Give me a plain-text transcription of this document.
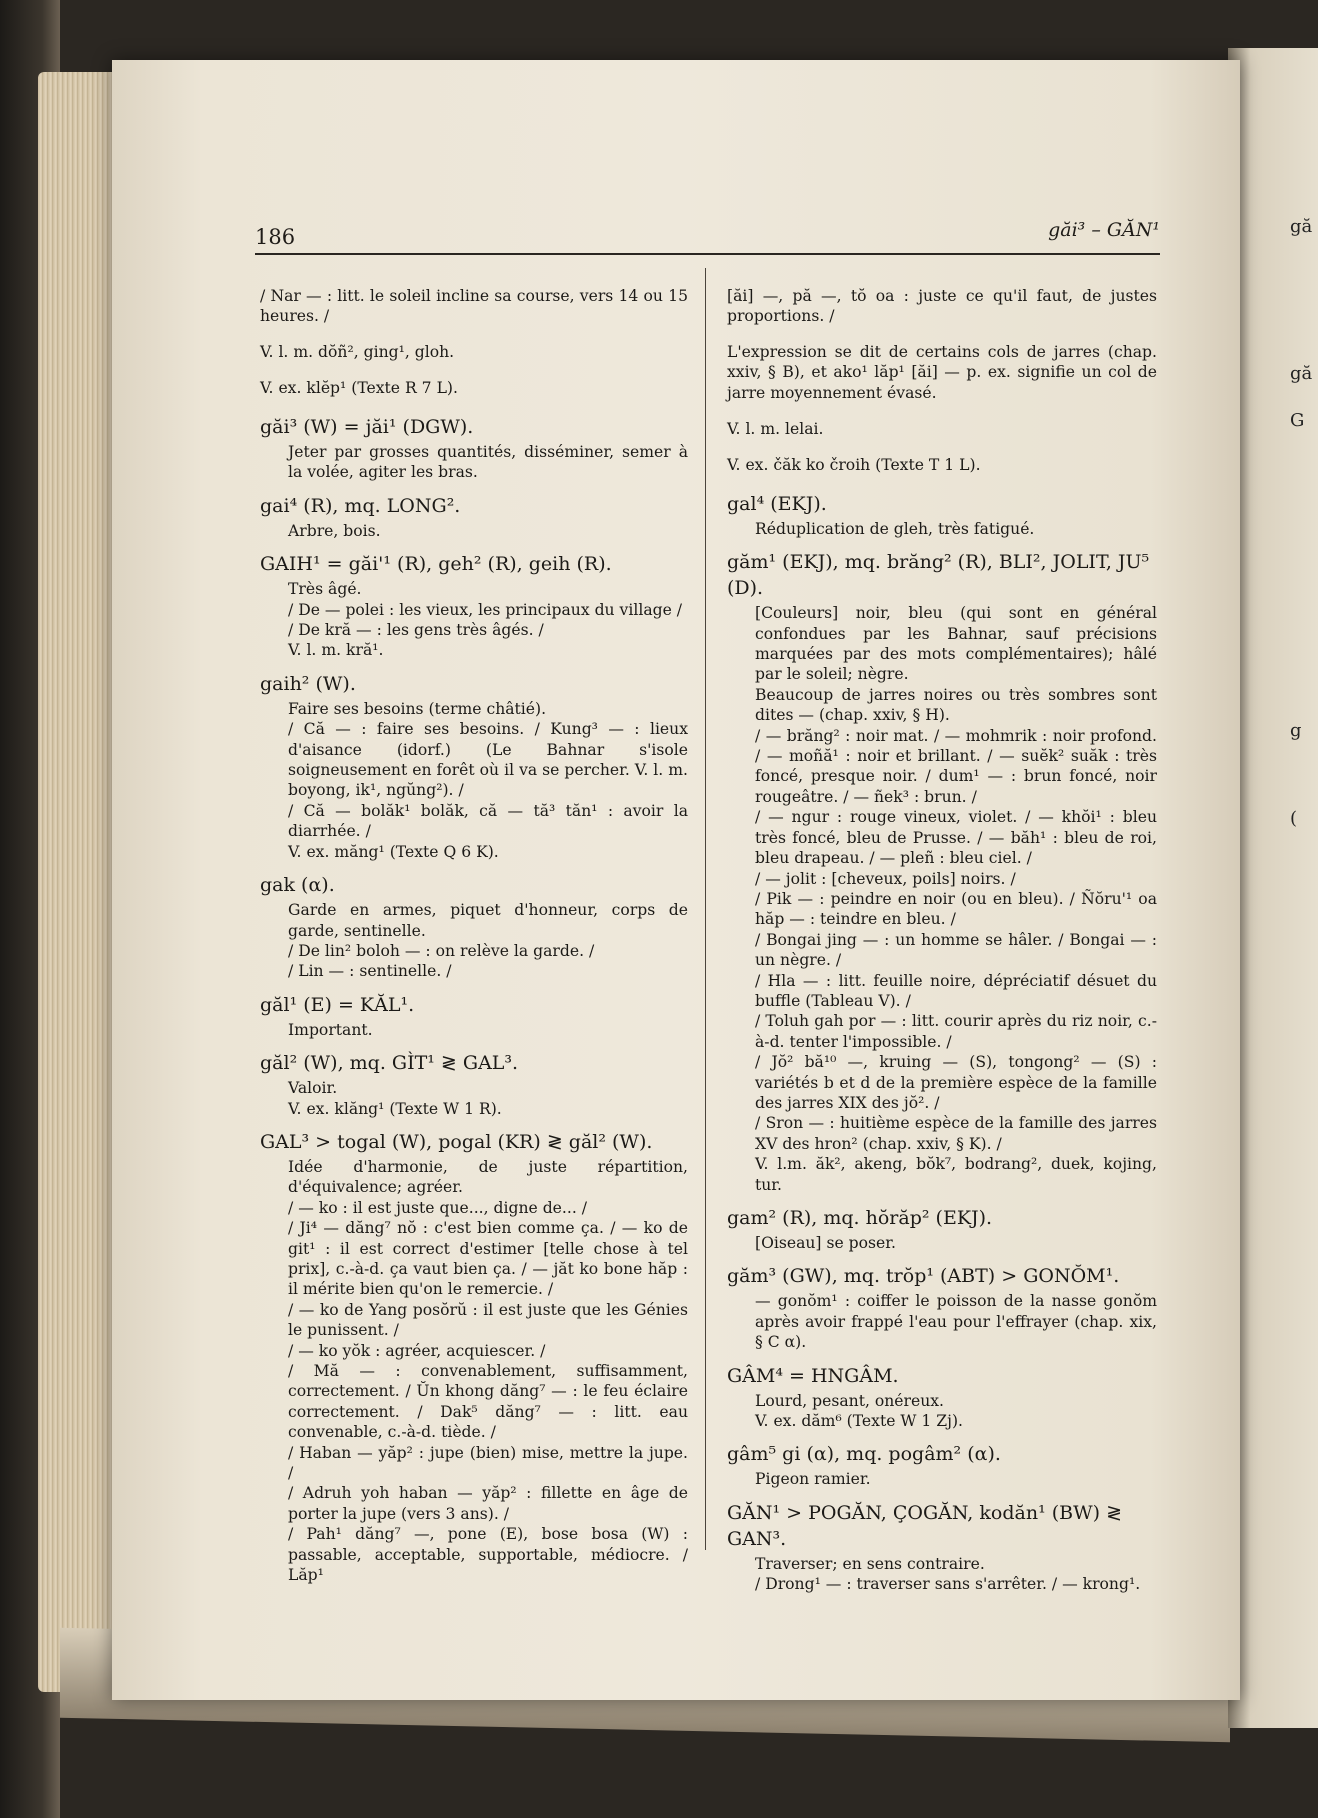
gă
gă
G
g
(
186	găi³ – GĂN¹

/ Nar — : litt. le soleil incline sa course, vers 14 ou 15 heures. /

V. l. m. dŏñ², ging¹, gloh.

V. ex. klĕp¹ (Texte R 7 L).

găi³ (W) = jăi¹ (DGW).

Jeter par grosses quantités, disséminer, semer à la volée, agiter les bras.

gai⁴ (R), mq. LONG².

Arbre, bois.

GAIH¹ = găi'¹ (R), geh² (R), geih (R).

Très âgé.

/ De — polei : les vieux, les principaux du village /

/ De kră — : les gens très âgés. /

V. l. m. kră¹.

gaih² (W).

Faire ses besoins (terme châtié).

/ Că — : faire ses besoins. / Kung³ — : lieux d'aisance (idorf.) (Le Bahnar s'isole soigneusement en forêt où il va se percher. V. l. m. boyong, ik¹, ngŭng²). /

/ Că — bolăk¹ bolăk, că — tă³ tăn¹ : avoir la diarrhée. /

V. ex. măng¹ (Texte Q 6 K).

gak (α).

Garde en armes, piquet d'honneur, corps de garde, sentinelle.

/ De lin² boloh — : on relève la garde. /

/ Lin — : sentinelle. /

găl¹ (E) = KĂL¹.

Important.

găl² (W), mq. GÌT¹ ≷ GAL³.

Valoir.

V. ex. klăng¹ (Texte W 1 R).

GAL³ > togal (W), pogal (KR) ≷ găl² (W).

Idée d'harmonie, de juste répartition, d'équivalence; agréer.

/ — ko : il est juste que..., digne de... /

/ Ji⁴ — dăng⁷ nŏ : c'est bien comme ça. / — ko de git¹ : il est correct d'estimer [telle chose à tel prix], c.-à-d. ça vaut bien ça. / — jăt ko bone hăp : il mérite bien qu'on le remercie. /

/ — ko de Yang posŏrŭ : il est juste que les Génies le punissent. /

/ — ko yŏk : agréer, acquiescer. /

/ Mă — : convenablement, suffisamment, correctement. / Ŭn khong dăng⁷ — : le feu éclaire correctement. / Dak⁵ dăng⁷ — : litt. eau convenable, c.-à-d. tiède. /

/ Haban — yăp² : jupe (bien) mise, mettre la jupe. /

/ Adruh yoh haban — yăp² : fillette en âge de porter la jupe (vers 3 ans). /

/ Pah¹ dăng⁷ —, pone (E), bose bosa (W) : passable, acceptable, supportable, médiocre. / Lăp¹

[ăi] —, pă —, tŏ oa : juste ce qu'il faut, de justes proportions. /

L'expression se dit de certains cols de jarres (chap. xxiv, § B), et ako¹ lăp¹ [ăi] — p. ex. signifie un col de jarre moyennement évasé.

V. l. m. lelai.

V. ex. čăk ko čroih (Texte T 1 L).

gal⁴ (EKJ).

Réduplication de gleh, très fatigué.

găm¹ (EKJ), mq. brăng² (R), BLI², JOLIT, JU⁵ (D).

[Couleurs] noir, bleu (qui sont en général confondues par les Bahnar, sauf précisions marquées par des mots complémentaires); hâlé par le soleil; nègre.

Beaucoup de jarres noires ou très sombres sont dites — (chap. xxiv, § H).

/ — brăng² : noir mat. / — mohmrik : noir profond. / — moñă¹ : noir et brillant. / — suĕk² suăk : très foncé, presque noir. / dum¹ — : brun foncé, noir rougeâtre. / — ñek³ : brun. /

/ — ngur : rouge vineux, violet. / — khŏi¹ : bleu très foncé, bleu de Prusse. / — băh¹ : bleu de roi, bleu drapeau. / — pleñ : bleu ciel. /

/ — jolit : [cheveux, poils] noirs. /

/ Pik — : peindre en noir (ou en bleu). / Ñŏru'¹ oa hăp — : teindre en bleu. /

/ Bongai jing — : un homme se hâler. / Bongai — : un nègre. /

/ Hla — : litt. feuille noire, dépréciatif désuet du buffle (Tableau V). /

/ Toluh gah por — : litt. courir après du riz noir, c.-à-d. tenter l'impossible. /

/ Jŏ² bă¹⁰ —, kruing — (S), tongong² — (S) : variétés b et d de la première espèce de la famille des jarres XIX des jŏ². /

/ Sron — : huitième espèce de la famille des jarres XV des hron² (chap. xxiv, § K). /

V. l.m. ăk², akeng, bŏk⁷, bodrang², duek, kojing, tur.

gam² (R), mq. hŏrăp² (EKJ).

[Oiseau] se poser.

găm³ (GW), mq. trŏp¹ (ABT) > GONŎM¹.

— gonŏm¹ : coiffer le poisson de la nasse gonŏm après avoir frappé l'eau pour l'effrayer (chap. xix, § C α).

GÂM⁴ = HNGÂM.

Lourd, pesant, onéreux.

V. ex. dăm⁶ (Texte W 1 Zj).

gâm⁵ gi (α), mq. pogâm² (α).

Pigeon ramier.

GĂN¹ > POGĂN, ÇOGĂN, kodăn¹ (BW) ≷ GAN³.

Traverser; en sens contraire.

/ Drong¹ — : traverser sans s'arrêter. / — krong¹.
